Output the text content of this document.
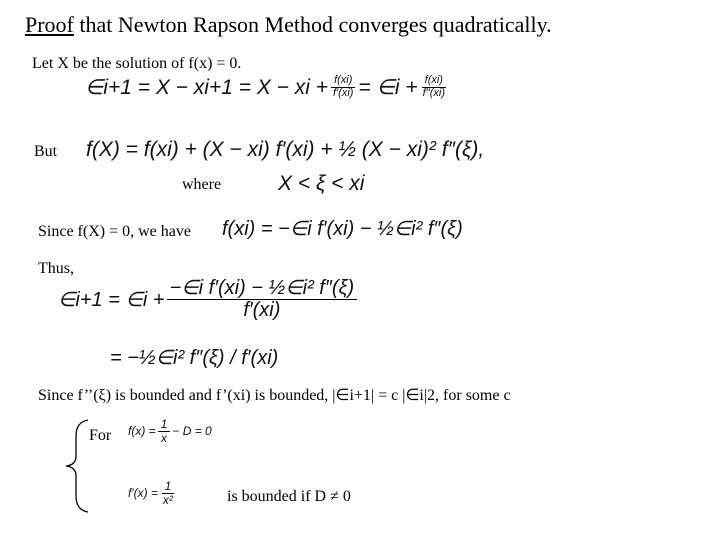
Proof that Newton Rapson Method converges quadratically.
Let X be the solution of f(x) = 0.
∈i+1 = X − xi+1 = X − xi + $\frac{f(xi)}{f'(xi)}$ = ∈i + $\frac{f(xi)}{f''(xi)}$
But f(X) = f(xi) + (X − xi) f′(xi) + ½ (X − xi)² f″(ξ),
where	X < ξ < xi
Since f(X) = 0, we have f(xi) = −∈i f′(xi) − ½∈i² f″(ξ)
Thus,
∈i+1 = ∈i + $\frac{\text{−∈i f′(xi) − ½∈i² f″(ξ)}}{f'(xi)}$
= −½∈i² f″(ξ) / f′(xi)
Since f’’(ξ) is bounded and f’(xi) is bounded, |∈i+1| = c |∈i|2, for some c
For $f(x) = \frac{1}{x} - D = 0$
$f'(x) = \frac{1}{\text{x²}}$	is bounded if D ≠ 0
